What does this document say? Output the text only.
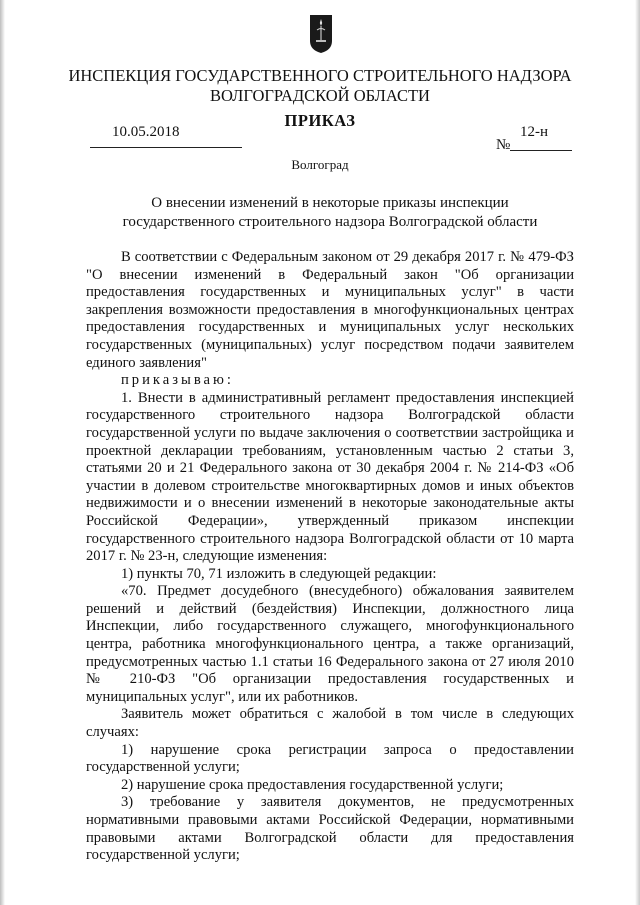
ИНСПЕКЦИЯ ГОСУДАРСТВЕННОГО СТРОИТЕЛЬНОГО НАДЗОРА
ВОЛГОГРАДСКОЙ ОБЛАСТИ
ПРИКАЗ
10.05.2018
№
12-н
Волгоград
О внесении изменений в некоторые приказы инспекции
государственного строительного надзора Волгоградской области

В соответствии с Федеральным законом от 29 декабря 2017 г. № 479-ФЗ "О внесении изменений в Федеральный закон "Об организации предоставления государственных и муниципальных услуг" в части закрепления возможности предоставления в многофункциональных центрах предоставления государственных и муниципальных услуг нескольких государственных (муниципальных) услуг посредством подачи заявителем единого заявления"

приказываю:

1. Внести в административный регламент предоставления инспекцией государственного строительного надзора Волгоградской области государственной услуги по выдаче заключения о соответствии застройщика и проектной декларации требованиям, установленным частью 2 статьи 3, статьями 20 и 21 Федерального закона от 30 декабря 2004 г. № 214-ФЗ «Об участии в долевом строительстве многоквартирных домов и иных объектов недвижимости и о внесении изменений в некоторые законодательные акты Российской Федерации», утвержденный приказом инспекции государственного строительного надзора Волгоградской области от 10 марта 2017 г. № 23-н, следующие изменения:

1) пункты 70, 71 изложить в следующей редакции:

«70. Предмет досудебного (внесудебного) обжалования заявителем решений и действий (бездействия) Инспекции, должностного лица Инспекции, либо государственного служащего, многофункционального центра, работника многофункционального центра, а также организаций, предусмотренных частью 1.1 статьи 16 Федерального закона от 27 июля 2010 № 210-ФЗ "Об организации предоставления государственных и муниципальных услуг", или их работников.

Заявитель может обратиться с жалобой в том числе в следующих случаях:

1) нарушение срока регистрации запроса о предоставлении государственной услуги;

2) нарушение срока предоставления государственной услуги;

3) требование у заявителя документов, не предусмотренных нормативными правовыми актами Российской Федерации, нормативными правовыми актами Волгоградской области для предоставления государственной услуги;
